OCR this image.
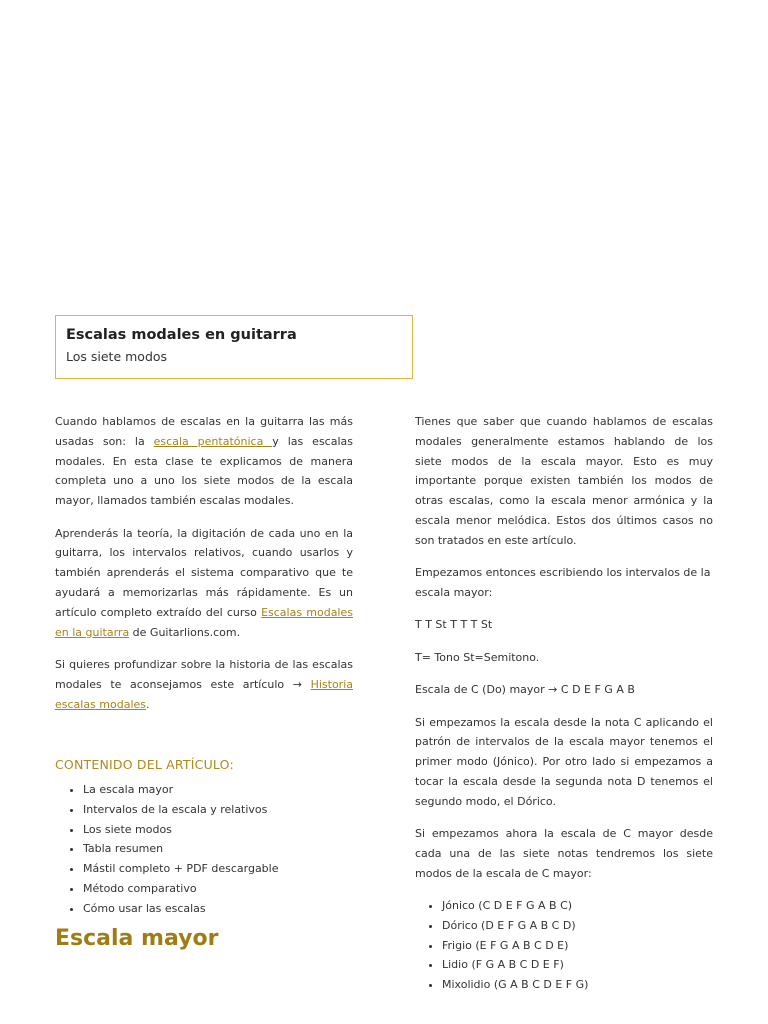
Escalas modales en guitarra
Los siete modos

Cuando hablamos de escalas en la guitarra las más usadas son: la escala pentatónica y las escalas modales. En esta clase te explicamos de manera completa uno a uno los siete modos de la escala mayor, llamados también escalas modales.

Aprenderás la teoría, la digitación de cada uno en la guitarra, los intervalos relativos, cuando usarlos y también aprenderás el sistema comparativo que te ayudará a memorizarlas más rápidamente. Es un artículo completo extraído del curso Escalas modales en la guitarra de Guitarlions.com.

Si quieres profundizar sobre la historia de las escalas modales te aconsejamos este artículo → Historia escalas modales.

CONTENIDO DEL ARTÍCULO:
• La escala mayor
• Intervalos de la escala y relativos
• Los siete modos
• Tabla resumen
• Mástil completo + PDF descargable
• Método comparativo
• Cómo usar las escalas
Escala mayor

Tienes que saber que cuando hablamos de escalas modales generalmente estamos hablando de los siete modos de la escala mayor. Esto es muy importante porque existen también los modos de otras escalas, como la escala menor armónica y la escala menor melódica. Estos dos últimos casos no son tratados en este artículo.

Empezamos entonces escribiendo los intervalos de la escala mayor:

T T St T T T St

T= Tono St=Semitono.

Escala de C (Do) mayor → C D E F G A B

Si empezamos la escala desde la nota C aplicando el patrón de intervalos de la escala mayor tenemos el primer modo (Jónico). Por otro lado si empezamos a tocar la escala desde la segunda nota D tenemos el segundo modo, el Dórico.

Si empezamos ahora la escala de C mayor desde cada una de las siete notas tendremos los siete modos de la escala de C mayor:

• Jónico (C D E F G A B C)
• Dórico (D E F G A B C D)
• Frigio (E F G A B C D E)
• Lidio (F G A B C D E F)
• Mixolidio (G A B C D E F G)
